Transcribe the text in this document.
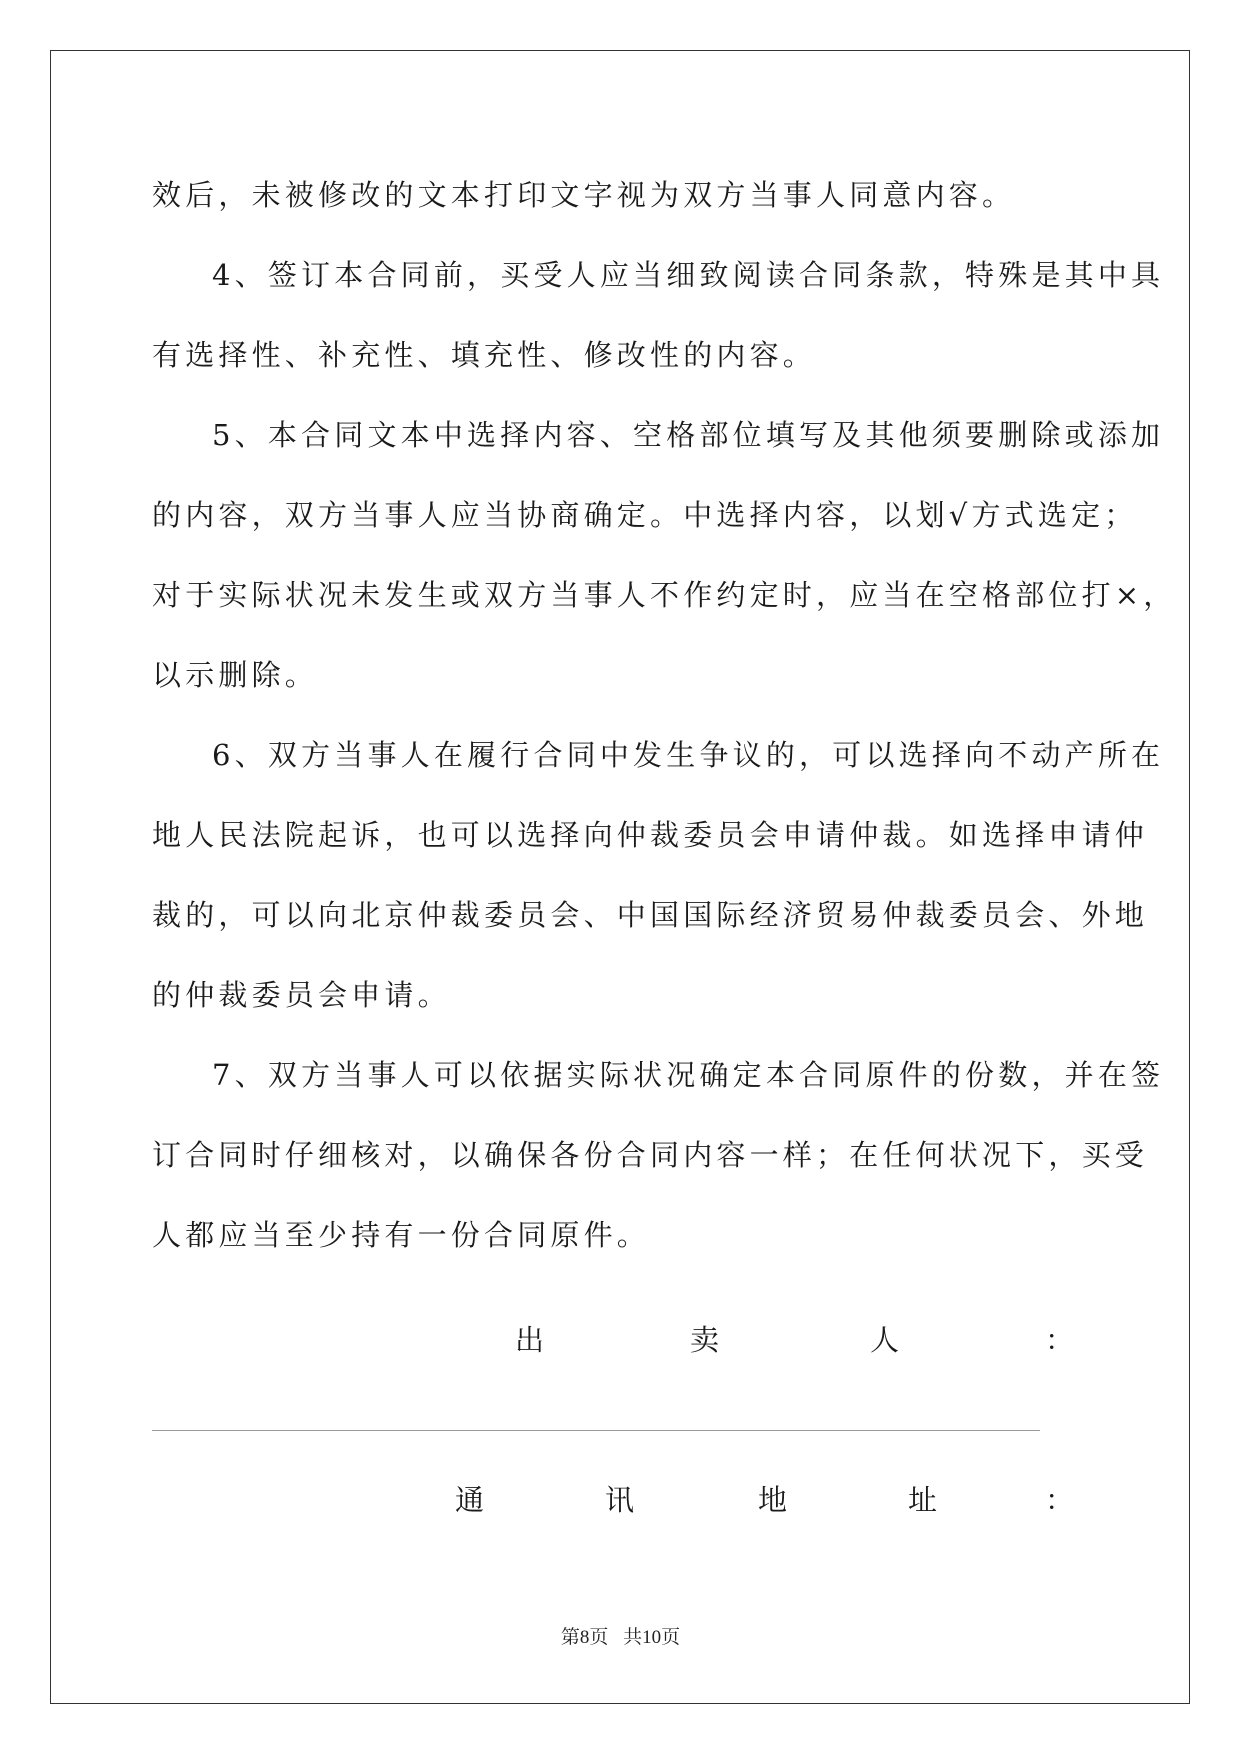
效后，未被修改的文本打印文字视为双方当事人同意内容。
4、签订本合同前，买受人应当细致阅读合同条款，特殊是其中具
有选择性、补充性、填充性、修改性的内容。
5、本合同文本中选择内容、空格部位填写及其他须要删除或添加
的内容，双方当事人应当协商确定。中选择内容，以划√方式选定；
对于实际状况未发生或双方当事人不作约定时，应当在空格部位打×，
以示删除。
6、双方当事人在履行合同中发生争议的，可以选择向不动产所在
地人民法院起诉，也可以选择向仲裁委员会申请仲裁。如选择申请仲
裁的，可以向北京仲裁委员会、中国国际经济贸易仲裁委员会、外地
的仲裁委员会申请。
7、双方当事人可以依据实际状况确定本合同原件的份数，并在签
订合同时仔细核对，以确保各份合同内容一样；在任何状况下，买受
人都应当至少持有一份合同原件。
出	卖	人	：
通	讯	地	址	：
第8页 共10页
